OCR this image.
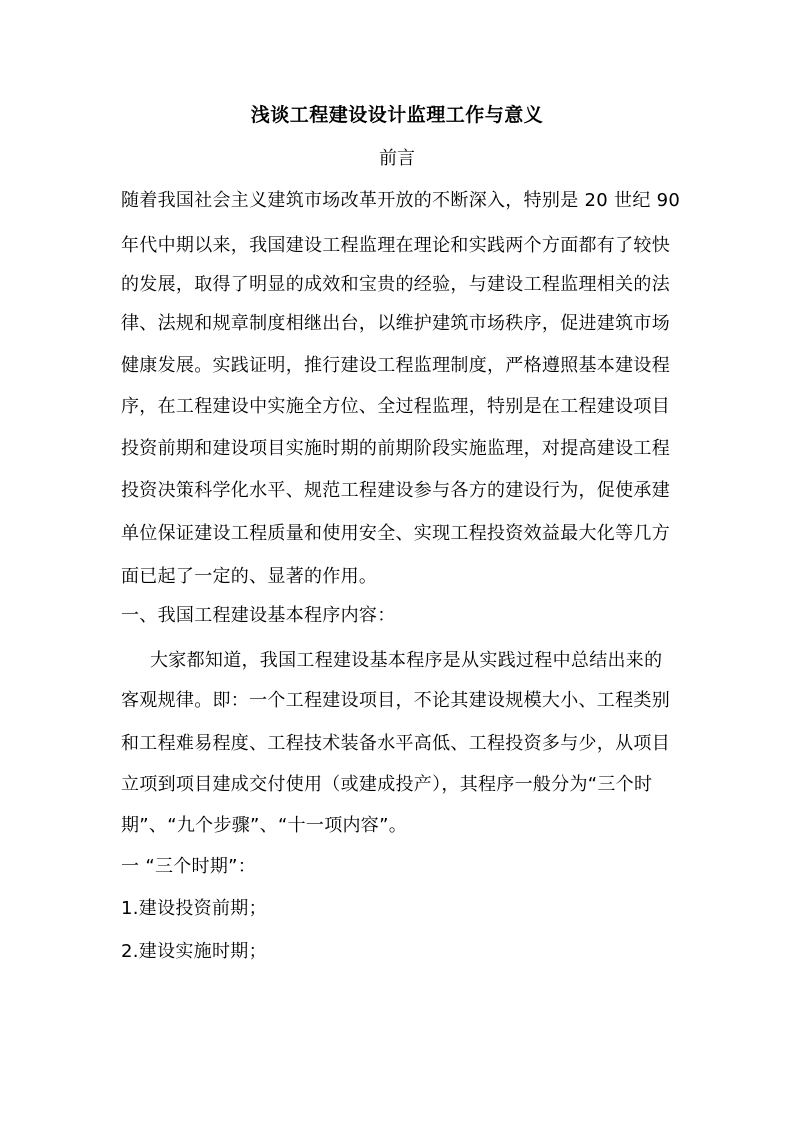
浅谈工程建设设计监理工作与意义
前言
随着我国社会主义建筑市场改革开放的不断深入，特别是 20 世纪 90
年代中期以来，我国建设工程监理在理论和实践两个方面都有了较快
的发展，取得了明显的成效和宝贵的经验，与建设工程监理相关的法
律、法规和规章制度相继出台，以维护建筑市场秩序，促进建筑市场
健康发展。实践证明，推行建设工程监理制度，严格遵照基本建设程
序，在工程建设中实施全方位、全过程监理，特别是在工程建设项目
投资前期和建设项目实施时期的前期阶段实施监理，对提高建设工程
投资决策科学化水平、规范工程建设参与各方的建设行为，促使承建
单位保证建设工程质量和使用安全、实现工程投资效益最大化等几方
面已起了一定的、显著的作用。
一、我国工程建设基本程序内容：
大家都知道，我国工程建设基本程序是从实践过程中总结出来的
客观规律。即：一个工程建设项目，不论其建设规模大小、工程类别
和工程难易程度、工程技术装备水平高低、工程投资多与少，从项目
立项到项目建成交付使用（或建成投产），其程序一般分为“三个时
期”、“九个步骤”、“十一项内容”。
一 “三个时期”：
1.建设投资前期；
2.建设实施时期；
